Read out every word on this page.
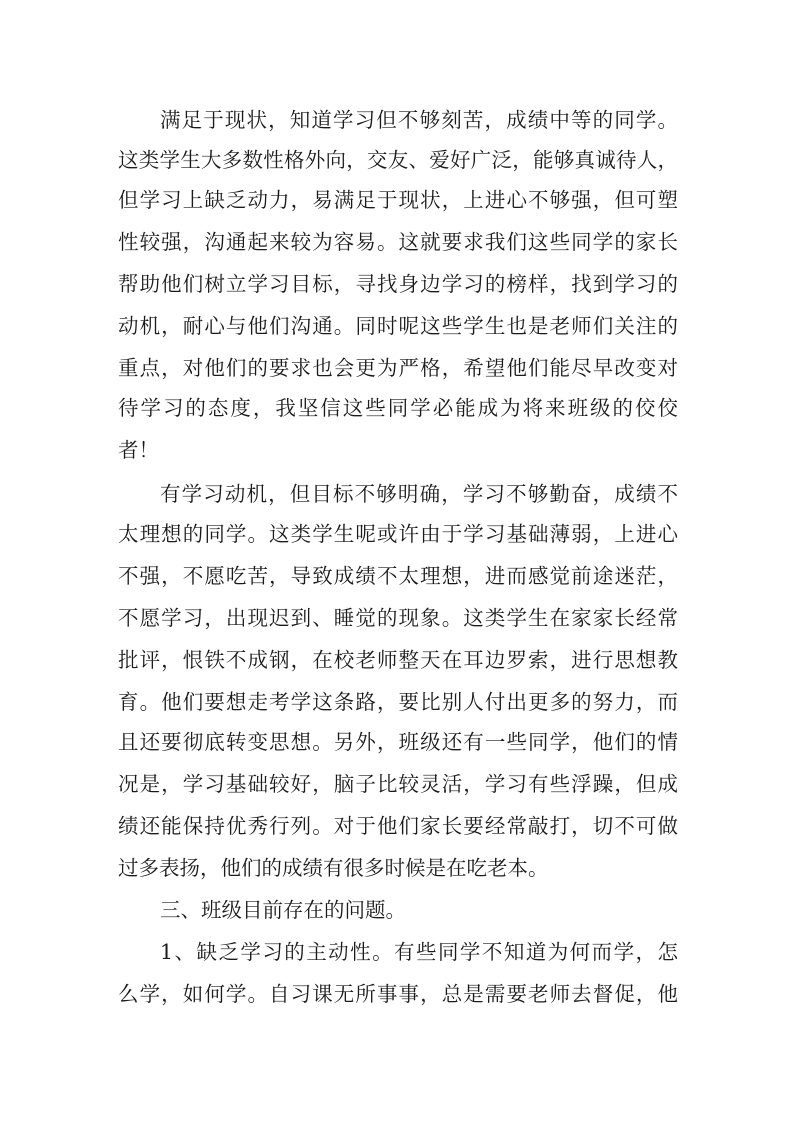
满足于现状，知道学习但不够刻苦，成绩中等的同学。
这类学生大多数性格外向，交友、爱好广泛，能够真诚待人，
但学习上缺乏动力，易满足于现状，上进心不够强，但可塑
性较强，沟通起来较为容易。这就要求我们这些同学的家长
帮助他们树立学习目标，寻找身边学习的榜样，找到学习的
动机，耐心与他们沟通。同时呢这些学生也是老师们关注的
重点，对他们的要求也会更为严格，希望他们能尽早改变对
待学习的态度，我坚信这些同学必能成为将来班级的佼佼
者！
有学习动机，但目标不够明确，学习不够勤奋，成绩不
太理想的同学。这类学生呢或许由于学习基础薄弱，上进心
不强，不愿吃苦，导致成绩不太理想，进而感觉前途迷茫，
不愿学习，出现迟到、睡觉的现象。这类学生在家家长经常
批评，恨铁不成钢，在校老师整天在耳边罗索，进行思想教
育。他们要想走考学这条路，要比别人付出更多的努力，而
且还要彻底转变思想。另外，班级还有一些同学，他们的情
况是，学习基础较好，脑子比较灵活，学习有些浮躁，但成
绩还能保持优秀行列。对于他们家长要经常敲打，切不可做
过多表扬，他们的成绩有很多时候是在吃老本。
三、班级目前存在的问题。
1、缺乏学习的主动性。有些同学不知道为何而学，怎
么学，如何学。自习课无所事事，总是需要老师去督促，他
